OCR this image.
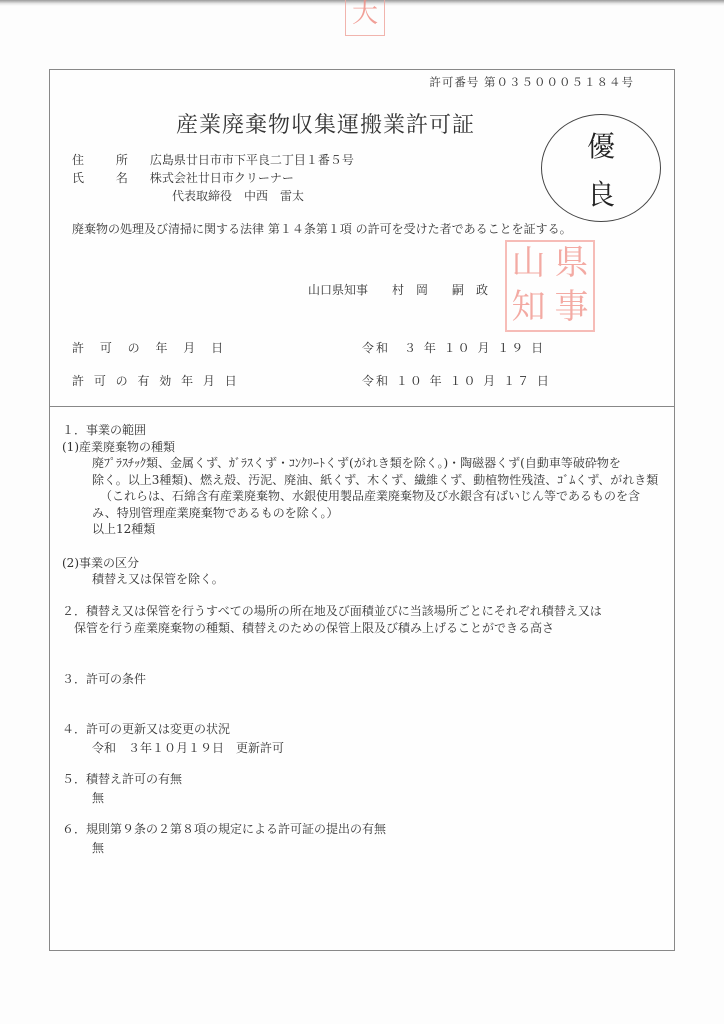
大
許可番号 第０３５０００５１８４号
産業廃棄物収集運搬業許可証
優
良
住 所 広島県廿日市市下平良二丁目１番５号
氏 名 株式会社廿日市クリーナー
代表取締役　中西　雷太
廃棄物の処理及び清掃に関する法律 第１４条第１項 の許可を受けた者であることを証する。
山 県
知 事
山口県知事　　村　岡　　嗣　政
許 可 の 年 月 日	令和　３ 年 １０ 月 １９ 日
許 可 の 有 効 年 月 日	令和 １０ 年 １０ 月 １７ 日
１．事業の範囲
(1)産業廃棄物の種類
廃ﾌﾟﾗｽﾁｯｸ類、金属くず、ｶﾞﾗｽくず・ｺﾝｸﾘｰﾄくず(がれき類を除く。)・陶磁器くず(自動車等破砕物を
除く。以上3種類)、燃え殻、汚泥、廃油、紙くず、木くず、繊維くず、動植物性残渣、ｺﾞﾑくず、がれき類
（これらは、石綿含有産業廃棄物、水銀使用製品産業廃棄物及び水銀含有ばいじん等であるものを含
み、特別管理産業廃棄物であるものを除く。）
以上12種類
(2)事業の区分
積替え又は保管を除く。
２．積替え又は保管を行うすべての場所の所在地及び面積並びに当該場所ごとにそれぞれ積替え又は
保管を行う産業廃棄物の種類、積替えのための保管上限及び積み上げることができる高さ
３．許可の条件
４．許可の更新又は変更の状況
令和　３年１０月１９日　更新許可
５．積替え許可の有無
無
６．規則第９条の２第８項の規定による許可証の提出の有無
無
